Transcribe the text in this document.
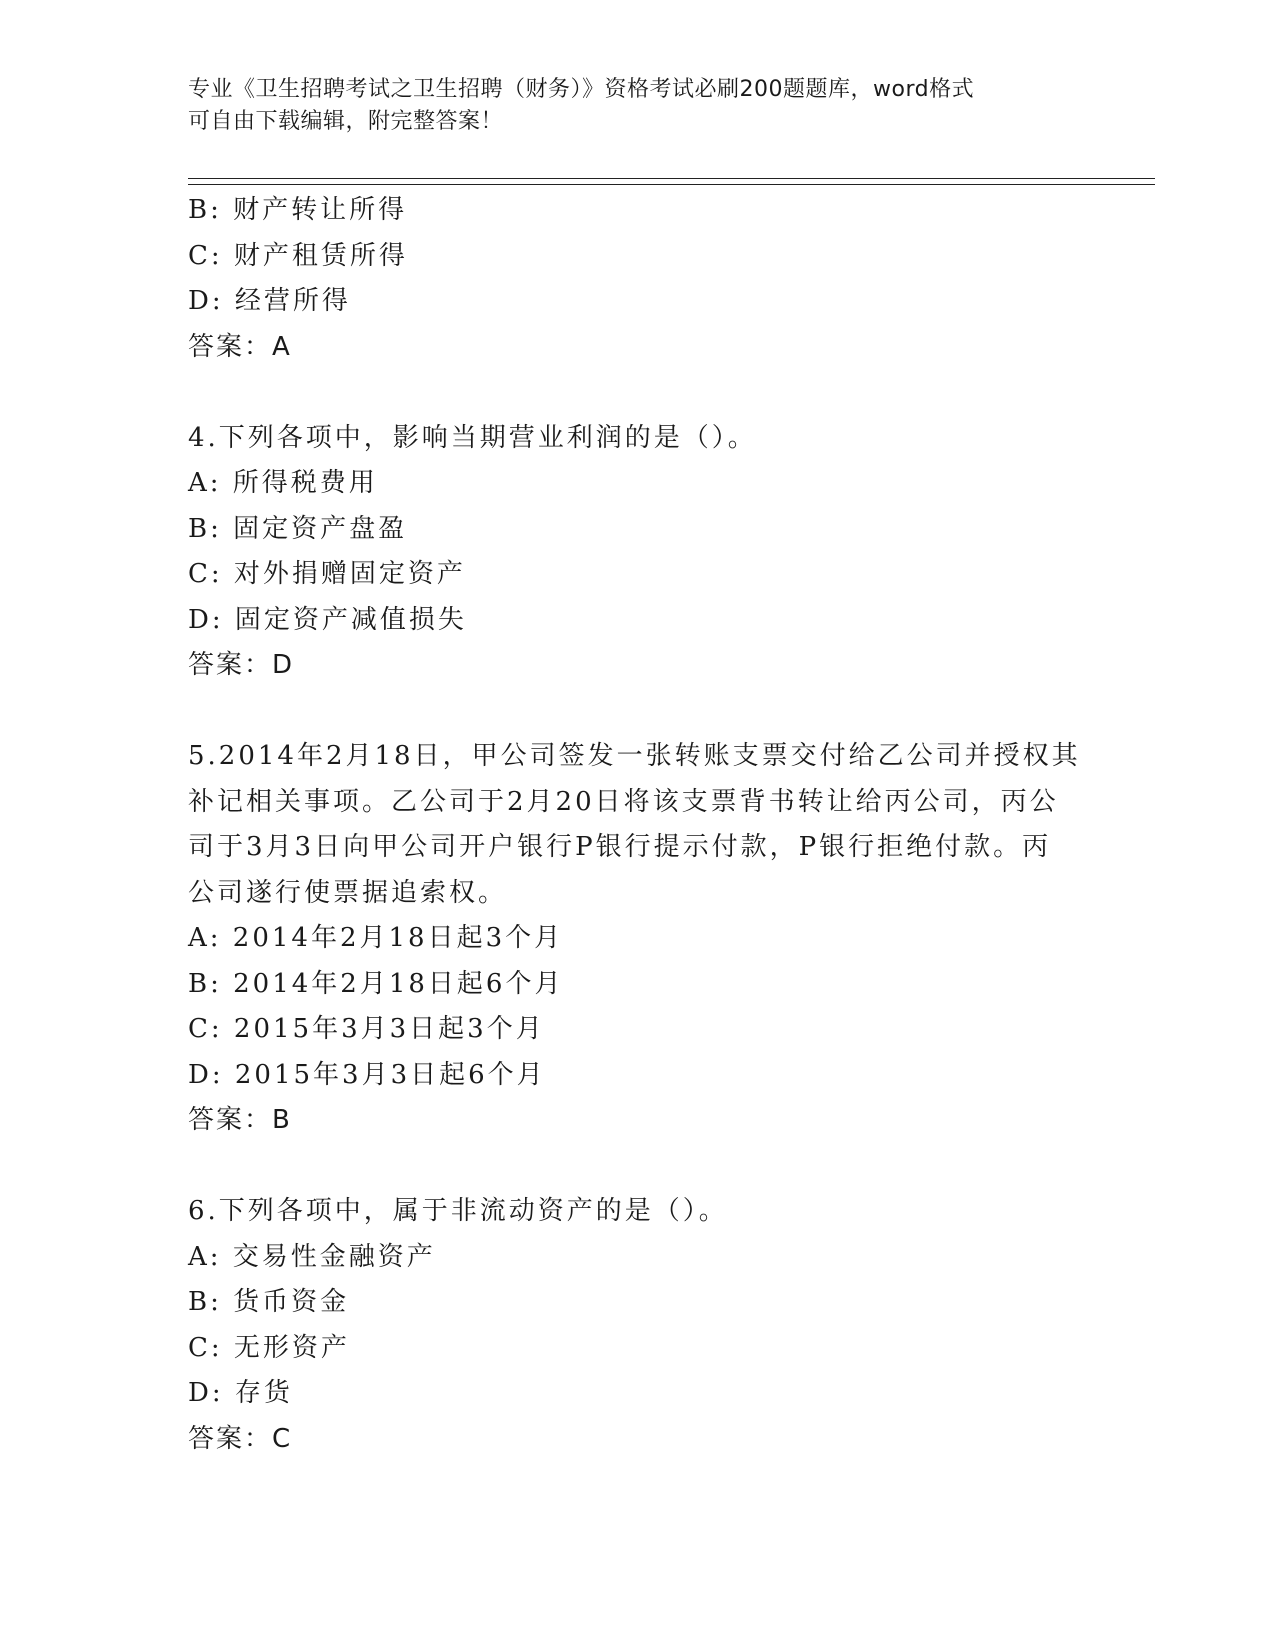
专业《卫生招聘考试之卫生招聘（财务）》资格考试必刷200题题库，word格式
可自由下载编辑，附完整答案！
B: 财产转让所得
C: 财产租赁所得
D: 经营所得
答案：A
4.下列各项中，影响当期营业利润的是（）。
A: 所得税费用
B: 固定资产盘盈
C: 对外捐赠固定资产
D: 固定资产减值损失
答案：D
5.2014年2月18日，甲公司签发一张转账支票交付给乙公司并授权其
补记相关事项。乙公司于2月20日将该支票背书转让给丙公司，丙公
司于3月3日向甲公司开户银行P银行提示付款，P银行拒绝付款。丙
公司遂行使票据追索权。
A: 2014年2月18日起3个月
B: 2014年2月18日起6个月
C: 2015年3月3日起3个月
D: 2015年3月3日起6个月
答案：B
6.下列各项中，属于非流动资产的是（）。
A: 交易性金融资产
B: 货币资金
C: 无形资产
D: 存货
答案：C
